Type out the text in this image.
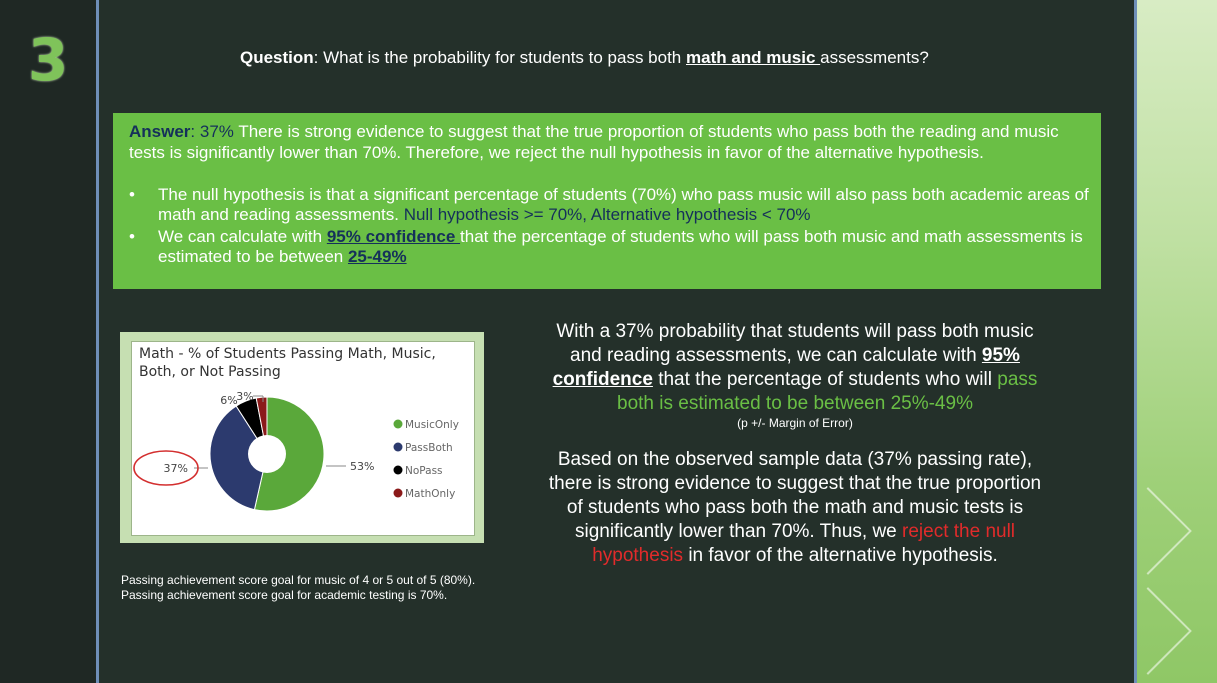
3	Question: What is the probability for students to pass both math and music assessments?
Answer: 37% There is strong evidence to suggest that the true proportion of students who pass both the reading and music tests is significantly lower than 70%. Therefore, we reject the null hypothesis in favor of the alternative hypothesis.
• The null hypothesis is that a significant percentage of students (70%) who pass music will also pass both academic areas of math and reading assessments. Null hypothesis >= 70%, Alternative hypothesis < 70%
• We can calculate with 95% confidence that the percentage of students who will pass both music and math assessments is estimated to be between 25-49%
Math - % of Students Passing Math, Music, Both, or Not Passing
53%
37%
6%
3%
MusicOnly
PassBoth
NoPass
MathOnly
With a 37% probability that students will pass both music and reading assessments, we can calculate with 95% confidence that the percentage of students who will pass both is estimated to be between 25%-49%
(p +/- Margin of Error)
Based on the observed sample data (37% passing rate), there is strong evidence to suggest that the true proportion of students who pass both the math and music tests is significantly lower than 70%. Thus, we reject the null hypothesis in favor of the alternative hypothesis.
Passing achievement score goal for music of 4 or 5 out of 5 (80%).
Passing achievement score goal for academic testing is 70%.
